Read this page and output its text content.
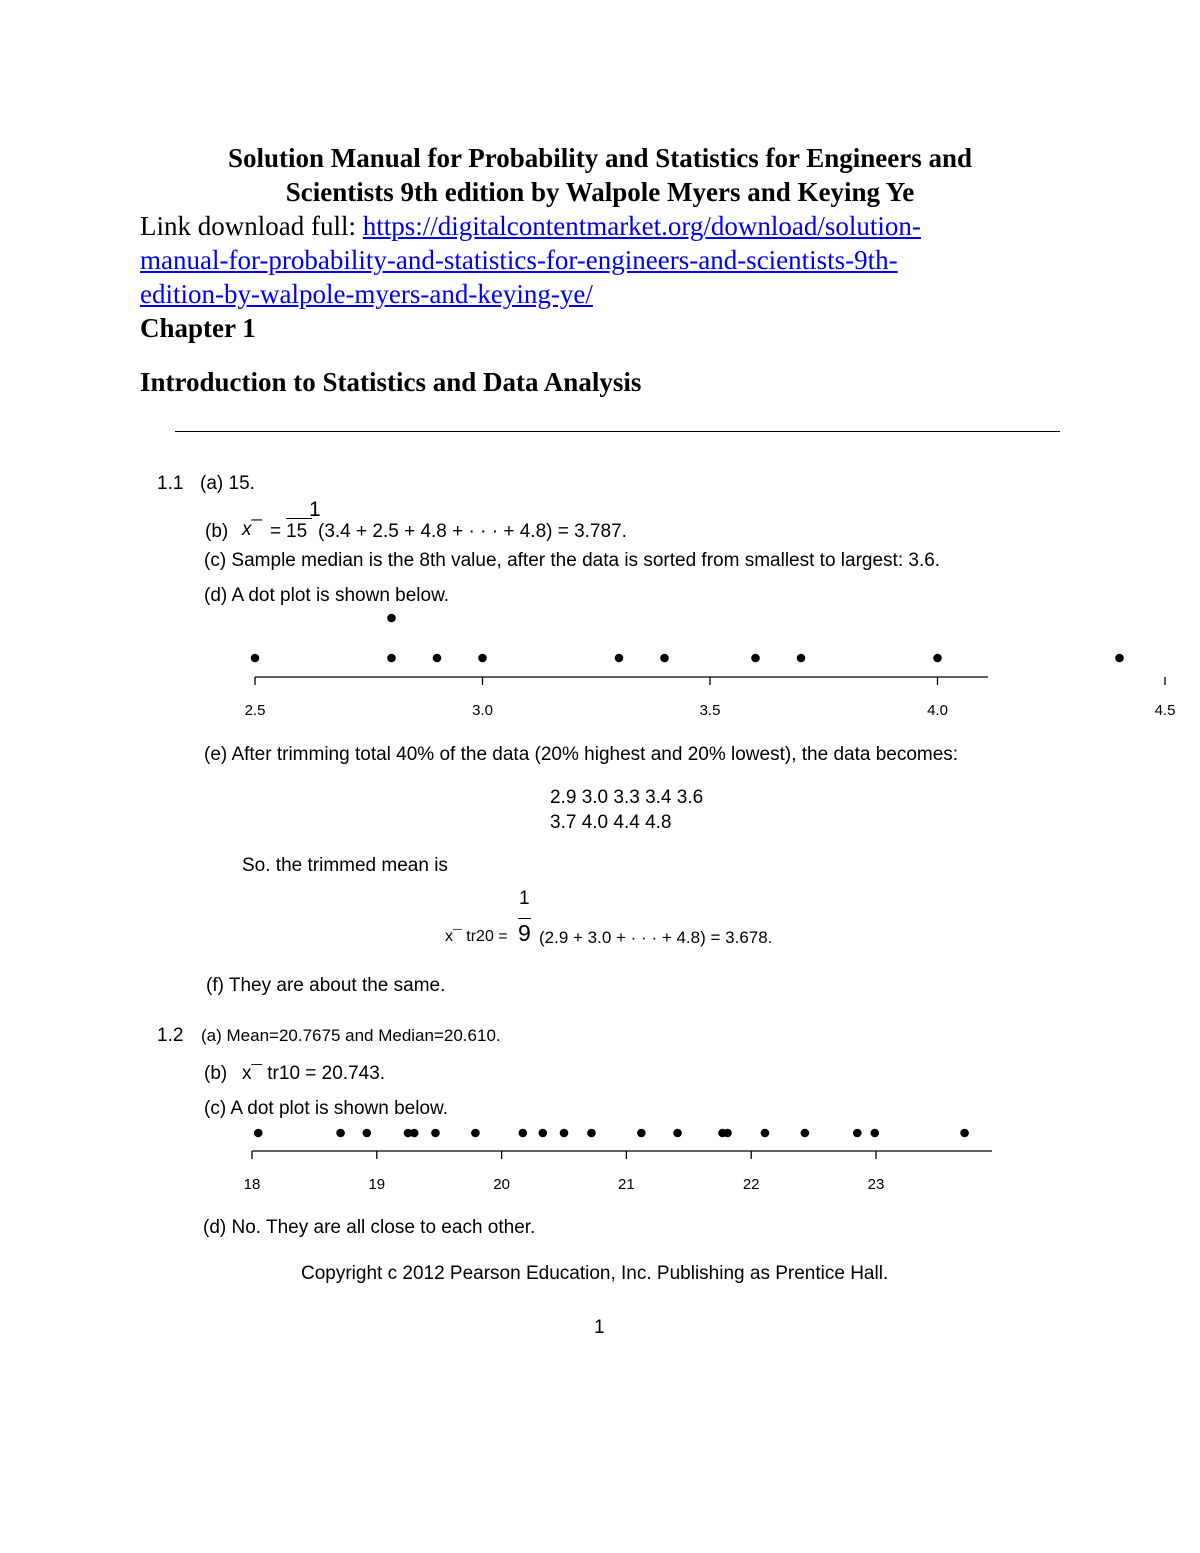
Solution Manual for Probability and Statistics for Engineers and
Scientists 9th edition by Walpole Myers and Keying Ye
Link download full: https://digitalcontentmarket.org/download/solution-
manual-for-probability-and-statistics-for-engineers-and-scientists-9th-
edition-by-walpole-myers-and-keying-ye/
Chapter 1
Introduction to Statistics and Data Analysis
1.1 (a) 15.
(b) x¯ =
1
15 (3.4 + 2.5 + 4.8 + · · · + 4.8) = 3.787.
(c) Sample median is the 8th value, after the data is sorted from smallest to largest: 3.6.
(d) A dot plot is shown below.
2.5	3.0	3.5	4.0	4.5
18	19	20	21	22	23
(e) After trimming total 40% of the data (20% highest and 20% lowest), the data becomes:
2.9 3.0 3.3 3.4 3.6
3.7 4.0 4.4 4.8
So. the trimmed mean is
1
x¯ tr20 = 9 (2.9 + 3.0 + · · · + 4.8) = 3.678.
(f) They are about the same.
1.2 (a) Mean=20.7675 and Median=20.610.
(b) x¯ tr10 = 20.743.
(c) A dot plot is shown below.
(d) No. They are all close to each other.
Copyright c 2012 Pearson Education, Inc. Publishing as Prentice Hall.
1
